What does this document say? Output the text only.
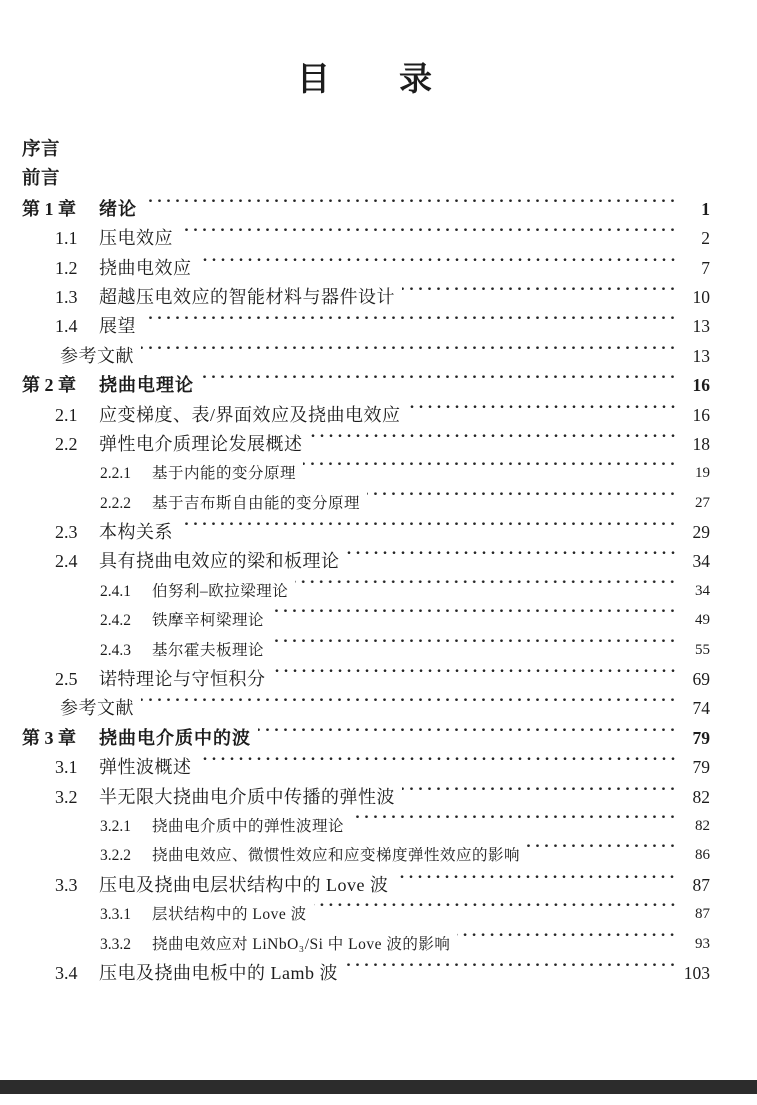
目　　录
序言
前言
第 1 章	绪论	1
1.1	压电效应	2
1.2	挠曲电效应	7
1.3	超越压电效应的智能材料与器件设计	10
1.4	展望	13
参考文献	13
第 2 章	挠曲电理论	16
2.1	应变梯度、表/界面效应及挠曲电效应	16
2.2	弹性电介质理论发展概述	18
2.2.1	基于内能的变分原理	19
2.2.2	基于吉布斯自由能的变分原理	27
2.3	本构关系	29
2.4	具有挠曲电效应的梁和板理论	34
2.4.1	伯努利–欧拉梁理论	34
2.4.2	铁摩辛柯梁理论	49
2.4.3	基尔霍夫板理论	55
2.5	诺特理论与守恒积分	69
参考文献	74
第 3 章	挠曲电介质中的波	79
3.1	弹性波概述	79
3.2	半无限大挠曲电介质中传播的弹性波	82
3.2.1	挠曲电介质中的弹性波理论	82
3.2.2	挠曲电效应、微惯性效应和应变梯度弹性效应的影响	86
3.3	压电及挠曲电层状结构中的 Love 波	87
3.3.1	层状结构中的 Love 波	87
3.3.2	挠曲电效应对 LiNbO₃/Si 中 Love 波的影响	93
3.4	压电及挠曲电板中的 Lamb 波	103
